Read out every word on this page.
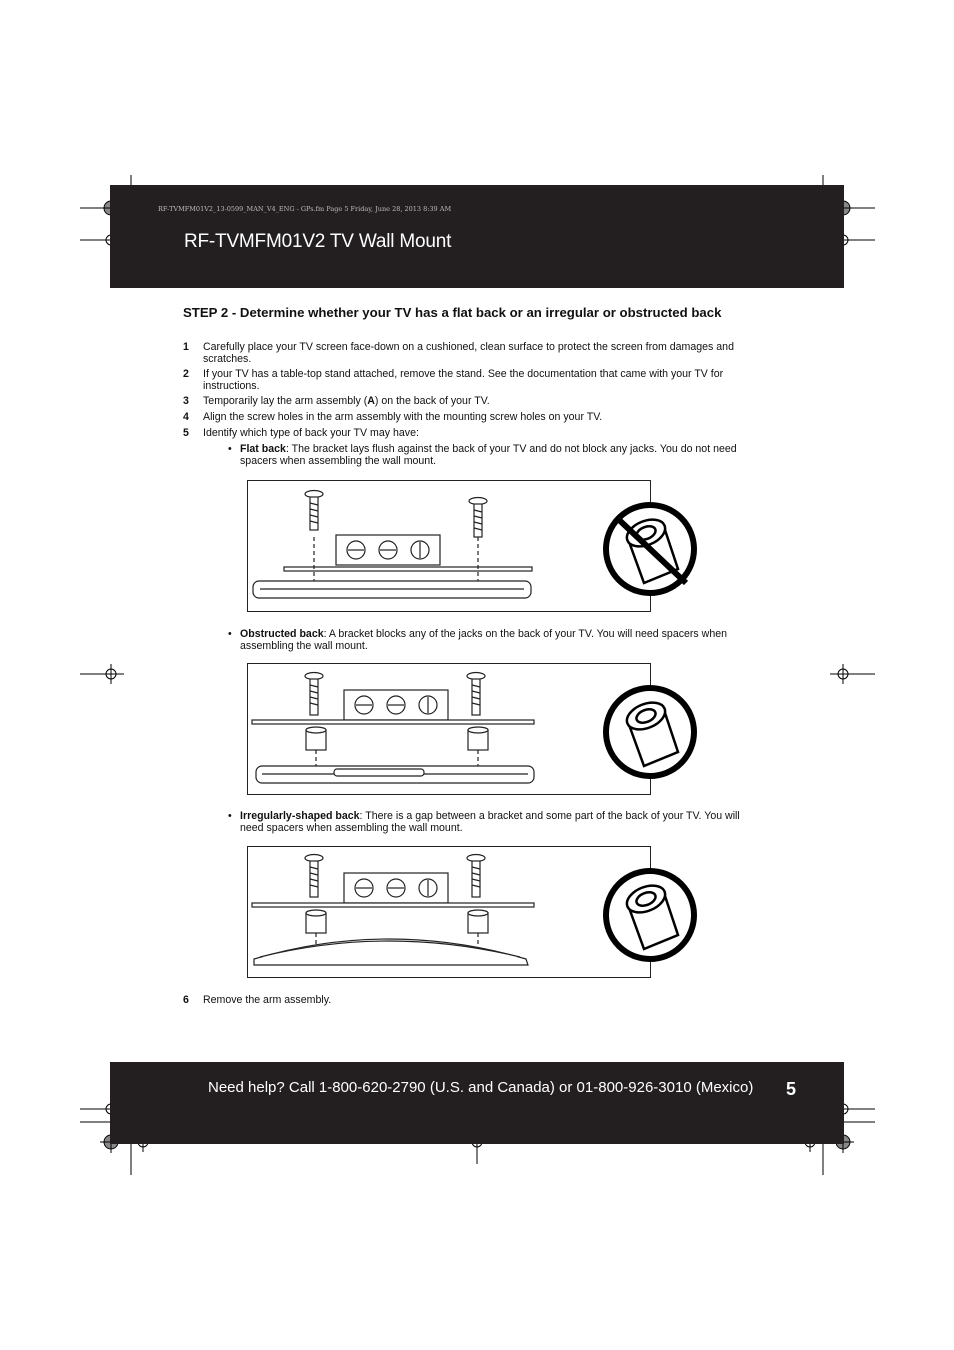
RF-TVMFM01V2_13-0599_MAN_V4_ENG - GPs.fm Page 5 Friday, June 28, 2013 8:39 AM
RF-TVMFM01V2 TV Wall Mount
STEP 2 - Determine whether your TV has a flat back or an irregular or obstructed back
1 Carefully place your TV screen face-down on a cushioned, clean surface to protect the screen from damages and scratches.
2 If your TV has a table-top stand attached, remove the stand. See the documentation that came with your TV for instructions.
3 Temporarily lay the arm assembly (A) on the back of your TV.
4 Align the screw holes in the arm assembly with the mounting screw holes on your TV.
5 Identify which type of back your TV may have:
• Flat back: The bracket lays flush against the back of your TV and do not block any jacks. You do not need spacers when assembling the wall mount.
• Obstructed back: A bracket blocks any of the jacks on the back of your TV. You will need spacers when assembling the wall mount.
• Irregularly-shaped back: There is a gap between a bracket and some part of the back of your TV. You will need spacers when assembling the wall mount.
6 Remove the arm assembly.
Need help? Call 1-800-620-2790 (U.S. and Canada) or 01-800-926-3010 (Mexico) 5
